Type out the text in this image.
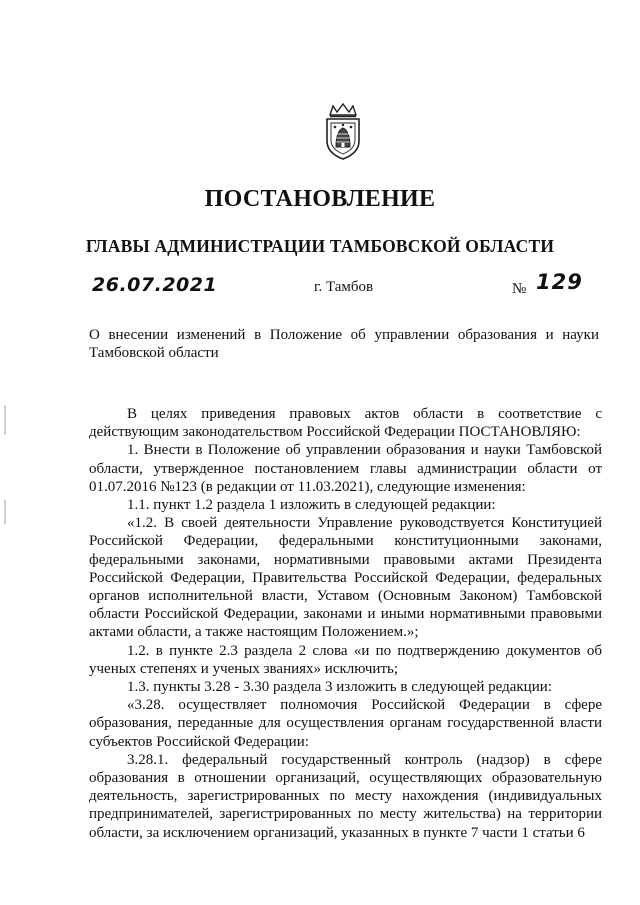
ПОСТАНОВЛЕНИЕ
ГЛАВЫ АДМИНИСТРАЦИИ ТАМБОВСКОЙ ОБЛАСТИ
26.07.2021	г. Тамбов	№ 129
О внесении изменений в Положение об управлении образования и науки Тамбовской области

В целях приведения правовых актов области в соответствие с действующим законодательством Российской Федерации ПОСТАНОВЛЯЮ:

1. Внести в Положение об управлении образования и науки Тамбовской области, утвержденное постановлением главы администрации области от 01.07.2016 №123 (в редакции от 11.03.2021), следующие изменения:

1.1. пункт 1.2 раздела 1 изложить в следующей редакции:

«1.2. В своей деятельности Управление руководствуется Конституцией Российской Федерации, федеральными конституционными законами, федеральными законами, нормативными правовыми актами Президента Российской Федерации, Правительства Российской Федерации, федеральных органов исполнительной власти, Уставом (Основным Законом) Тамбовской области Российской Федерации, законами и иными нормативными правовыми актами области, а также настоящим Положением.»;

1.2. в пункте 2.3 раздела 2 слова «и по подтверждению документов об ученых степенях и ученых званиях» исключить;

1.3. пункты 3.28 - 3.30 раздела 3 изложить в следующей редакции:

«3.28. осуществляет полномочия Российской Федерации в сфере образования, переданные для осуществления органам государственной власти субъектов Российской Федерации:

3.28.1. федеральный государственный контроль (надзор) в сфере образования в отношении организаций, осуществляющих образовательную деятельность, зарегистрированных по месту нахождения (индивидуальных предпринимателей, зарегистрированных по месту жительства) на территории области, за исключением организаций, указанных в пункте 7 части 1 статьи 6
